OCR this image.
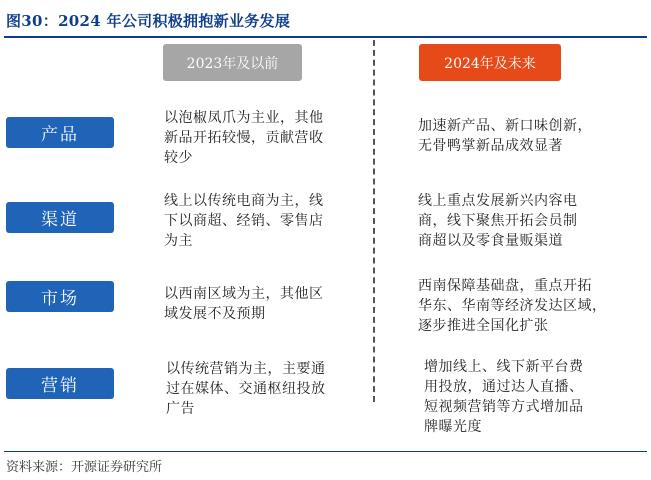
图30：2024 年公司积极拥抱新业务发展
2023年及以前	2024年及未来
产品
以泡椒凤爪为主业，其他
新品开拓较慢，贡献营收
较少
加速新产品、新口味创新，
无骨鸭掌新品成效显著
渠道
线上以传统电商为主，线
下以商超、经销、零售店
为主
线上重点发展新兴内容电
商，线下聚焦开拓会员制
商超以及零食量贩渠道
市场	以西南区域为主，其他区
域发展不及预期
西南保障基础盘，重点开拓
华东、华南等经济发达区域，
逐步推进全国化扩张
营销
以传统营销为主，主要通
过在媒体、交通枢纽投放
广告
增加线上、线下新平台费
用投放，通过达人直播、
短视频营销等方式增加品
牌曝光度
资料来源：开源证券研究所
